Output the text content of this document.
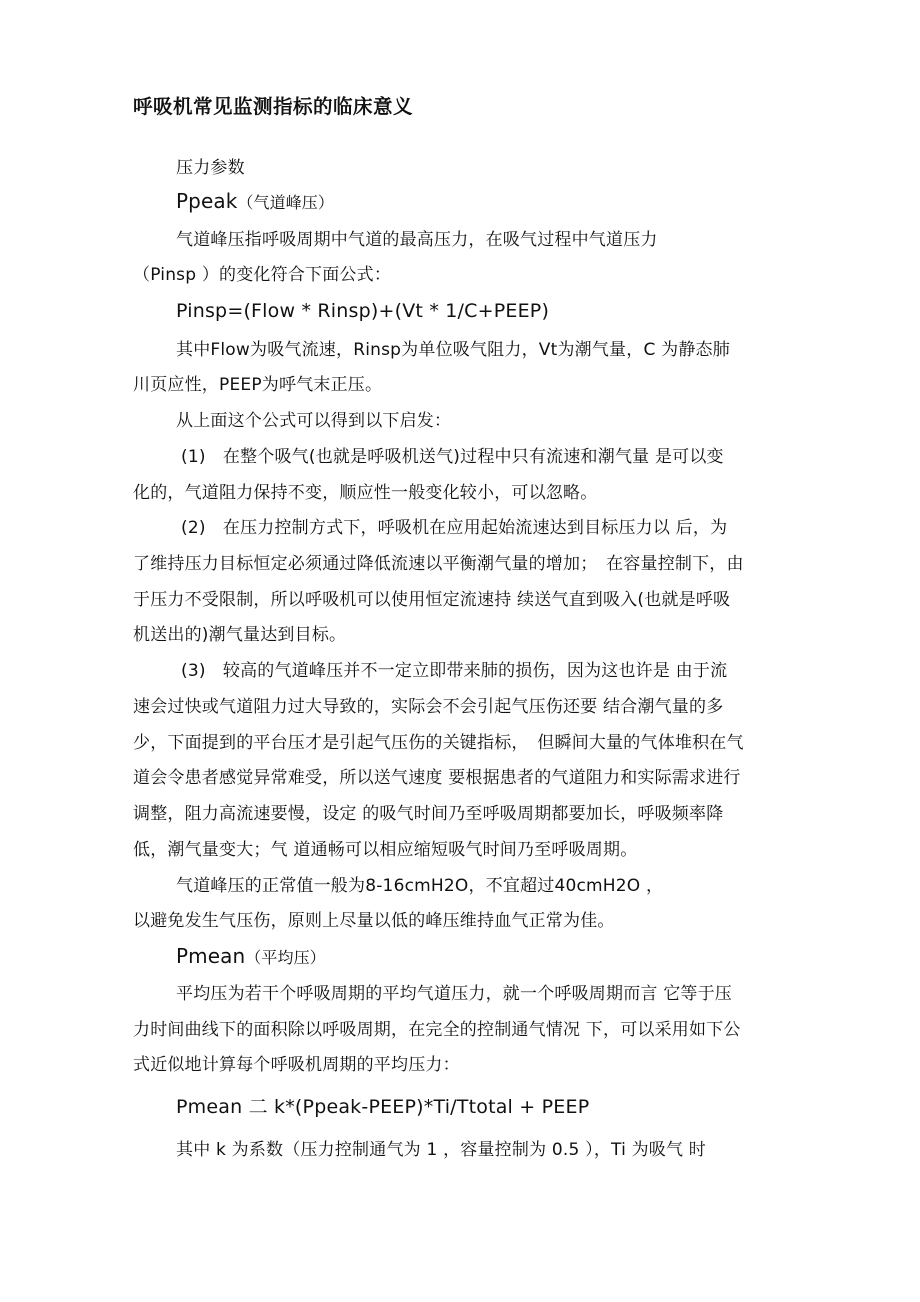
呼吸机常见监测指标的临床意义
压力参数
Ppeak（气道峰压）
气道峰压指呼吸周期中气道的最高压力，在吸气过程中气道压力
（Pinsp ）的变化符合下面公式：
Pinsp=(Flow * Rinsp)+(Vt * 1/C+PEEP)
其中Flow为吸气流速，Rinsp为单位吸气阻力，Vt为潮气量，C 为静态肺
川页应性，PEEP为呼气末正压。
从上面这个公式可以得到以下启发：
(1)　在整个吸气(也就是呼吸机送气)过程中只有流速和潮气量 是可以变
化的，气道阻力保持不变，顺应性一般变化较小，可以忽略。
(2)　在压力控制方式下，呼吸机在应用起始流速达到目标压力以 后，为
了维持压力目标恒定必须通过降低流速以平衡潮气量的增加；　在容量控制下，由
于压力不受限制，所以呼吸机可以使用恒定流速持 续送气直到吸入(也就是呼吸
机送出的)潮气量达到目标。
(3)　较高的气道峰压并不一定立即带来肺的损伤，因为这也许是 由于流
速会过快或气道阻力过大导致的，实际会不会引起气压伤还要 结合潮气量的多
少，下面提到的平台压才是引起气压伤的关键指标，　但瞬间大量的气体堆积在气
道会令患者感觉异常难受，所以送气速度 要根据患者的气道阻力和实际需求进行
调整，阻力高流速要慢，设定 的吸气时间乃至呼吸周期都要加长，呼吸频率降
低，潮气量变大；气 道通畅可以相应缩短吸气时间乃至呼吸周期。
气道峰压的正常值一般为8-16cmH2O，不宜超过40cmH2O ，
以避免发生气压伤，原则上尽量以低的峰压维持血气正常为佳。
Pmean（平均压）
平均压为若干个呼吸周期的平均气道压力，就一个呼吸周期而言 它等于压
力时间曲线下的面积除以呼吸周期，在完全的控制通气情况 下，可以采用如下公
式近似地计算每个呼吸机周期的平均压力：
Pmean 二 k*(Ppeak-PEEP)*Ti/Ttotal + PEEP
其中 k 为系数（压力控制通气为 1 ，容量控制为 0.5 ），Ti 为吸气 时
